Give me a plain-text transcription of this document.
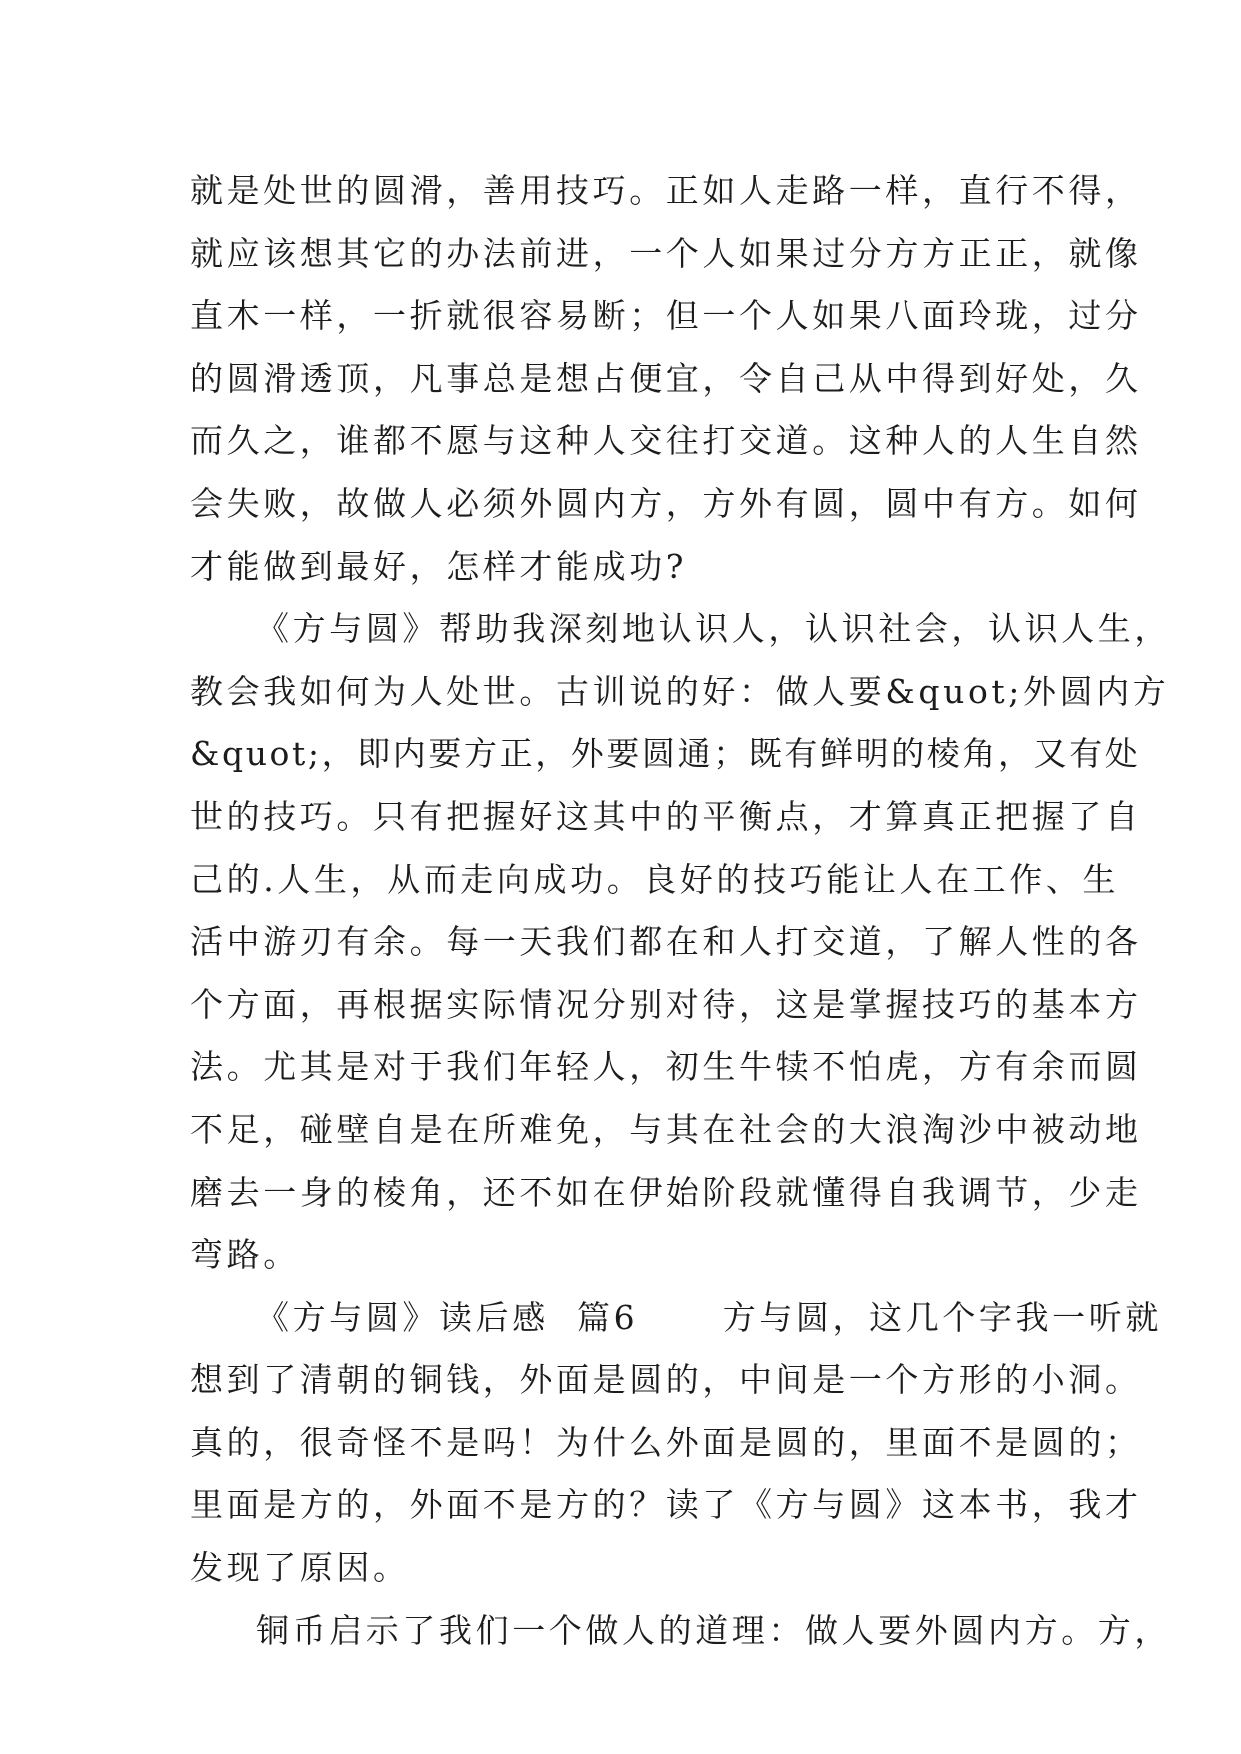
就是处世的圆滑，善用技巧。正如人走路一样，直行不得，
就应该想其它的办法前进，一个人如果过分方方正正，就像
直木一样，一折就很容易断；但一个人如果八面玲珑，过分
的圆滑透顶，凡事总是想占便宜，令自己从中得到好处，久
而久之，谁都不愿与这种人交往打交道。这种人的人生自然
会失败，故做人必须外圆内方，方外有圆，圆中有方。如何
才能做到最好，怎样才能成功?
《方与圆》帮助我深刻地认识人，认识社会，认识人生，
教会我如何为人处世。古训说的好：做人要&quot;外圆内方
&quot;，即内要方正，外要圆通；既有鲜明的棱角，又有处
世的技巧。只有把握好这其中的平衡点，才算真正把握了自
己的.人生，从而走向成功。良好的技巧能让人在工作、生
活中游刃有余。每一天我们都在和人打交道，了解人性的各
个方面，再根据实际情况分别对待，这是掌握技巧的基本方
法。尤其是对于我们年轻人，初生牛犊不怕虎，方有余而圆
不足，碰壁自是在所难免，与其在社会的大浪淘沙中被动地
磨去一身的棱角，还不如在伊始阶段就懂得自我调节，少走
弯路。
《方与圆》读后感  篇6      方与圆，这几个字我一听就
想到了清朝的铜钱，外面是圆的，中间是一个方形的小洞。
真的，很奇怪不是吗！为什么外面是圆的，里面不是圆的；
里面是方的，外面不是方的？读了《方与圆》这本书，我才
发现了原因。
铜币启示了我们一个做人的道理：做人要外圆内方。方，
